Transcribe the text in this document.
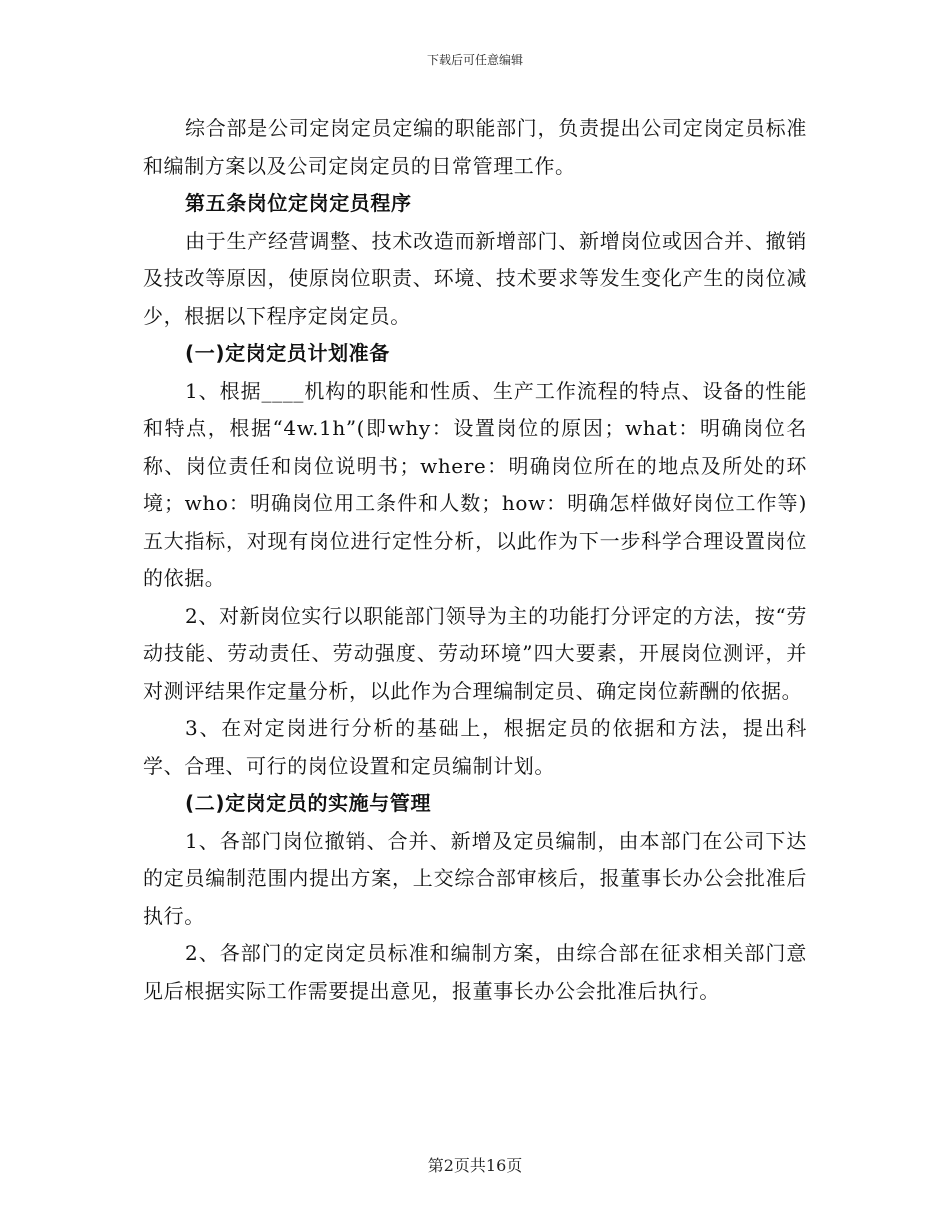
下载后可任意编辑

综合部是公司定岗定员定编的职能部门，负责提出公司定岗定员标准和编制方案以及公司定岗定员的日常管理工作。

第五条岗位定岗定员程序

由于生产经营调整、技术改造而新增部门、新增岗位或因合并、撤销及技改等原因，使原岗位职责、环境、技术要求等发生变化产生的岗位减少，根据以下程序定岗定员。

(一)定岗定员计划准备

1、根据____机构的职能和性质、生产工作流程的特点、设备的性能和特点，根据“4w.1h”(即why：设置岗位的原因；what：明确岗位名称、岗位责任和岗位说明书；where：明确岗位所在的地点及所处的环境；who：明确岗位用工条件和人数；how：明确怎样做好岗位工作等)五大指标，对现有岗位进行定性分析，以此作为下一步科学合理设置岗位的依据。

2、对新岗位实行以职能部门领导为主的功能打分评定的方法，按“劳动技能、劳动责任、劳动强度、劳动环境”四大要素，开展岗位测评，并对测评结果作定量分析，以此作为合理编制定员、确定岗位薪酬的依据。

3、在对定岗进行分析的基础上，根据定员的依据和方法，提出科学、合理、可行的岗位设置和定员编制计划。

(二)定岗定员的实施与管理

1、各部门岗位撤销、合并、新增及定员编制，由本部门在公司下达的定员编制范围内提出方案，上交综合部审核后，报董事长办公会批准后执行。

2、各部门的定岗定员标准和编制方案，由综合部在征求相关部门意见后根据实际工作需要提出意见，报董事长办公会批准后执行。

第2页共16页
